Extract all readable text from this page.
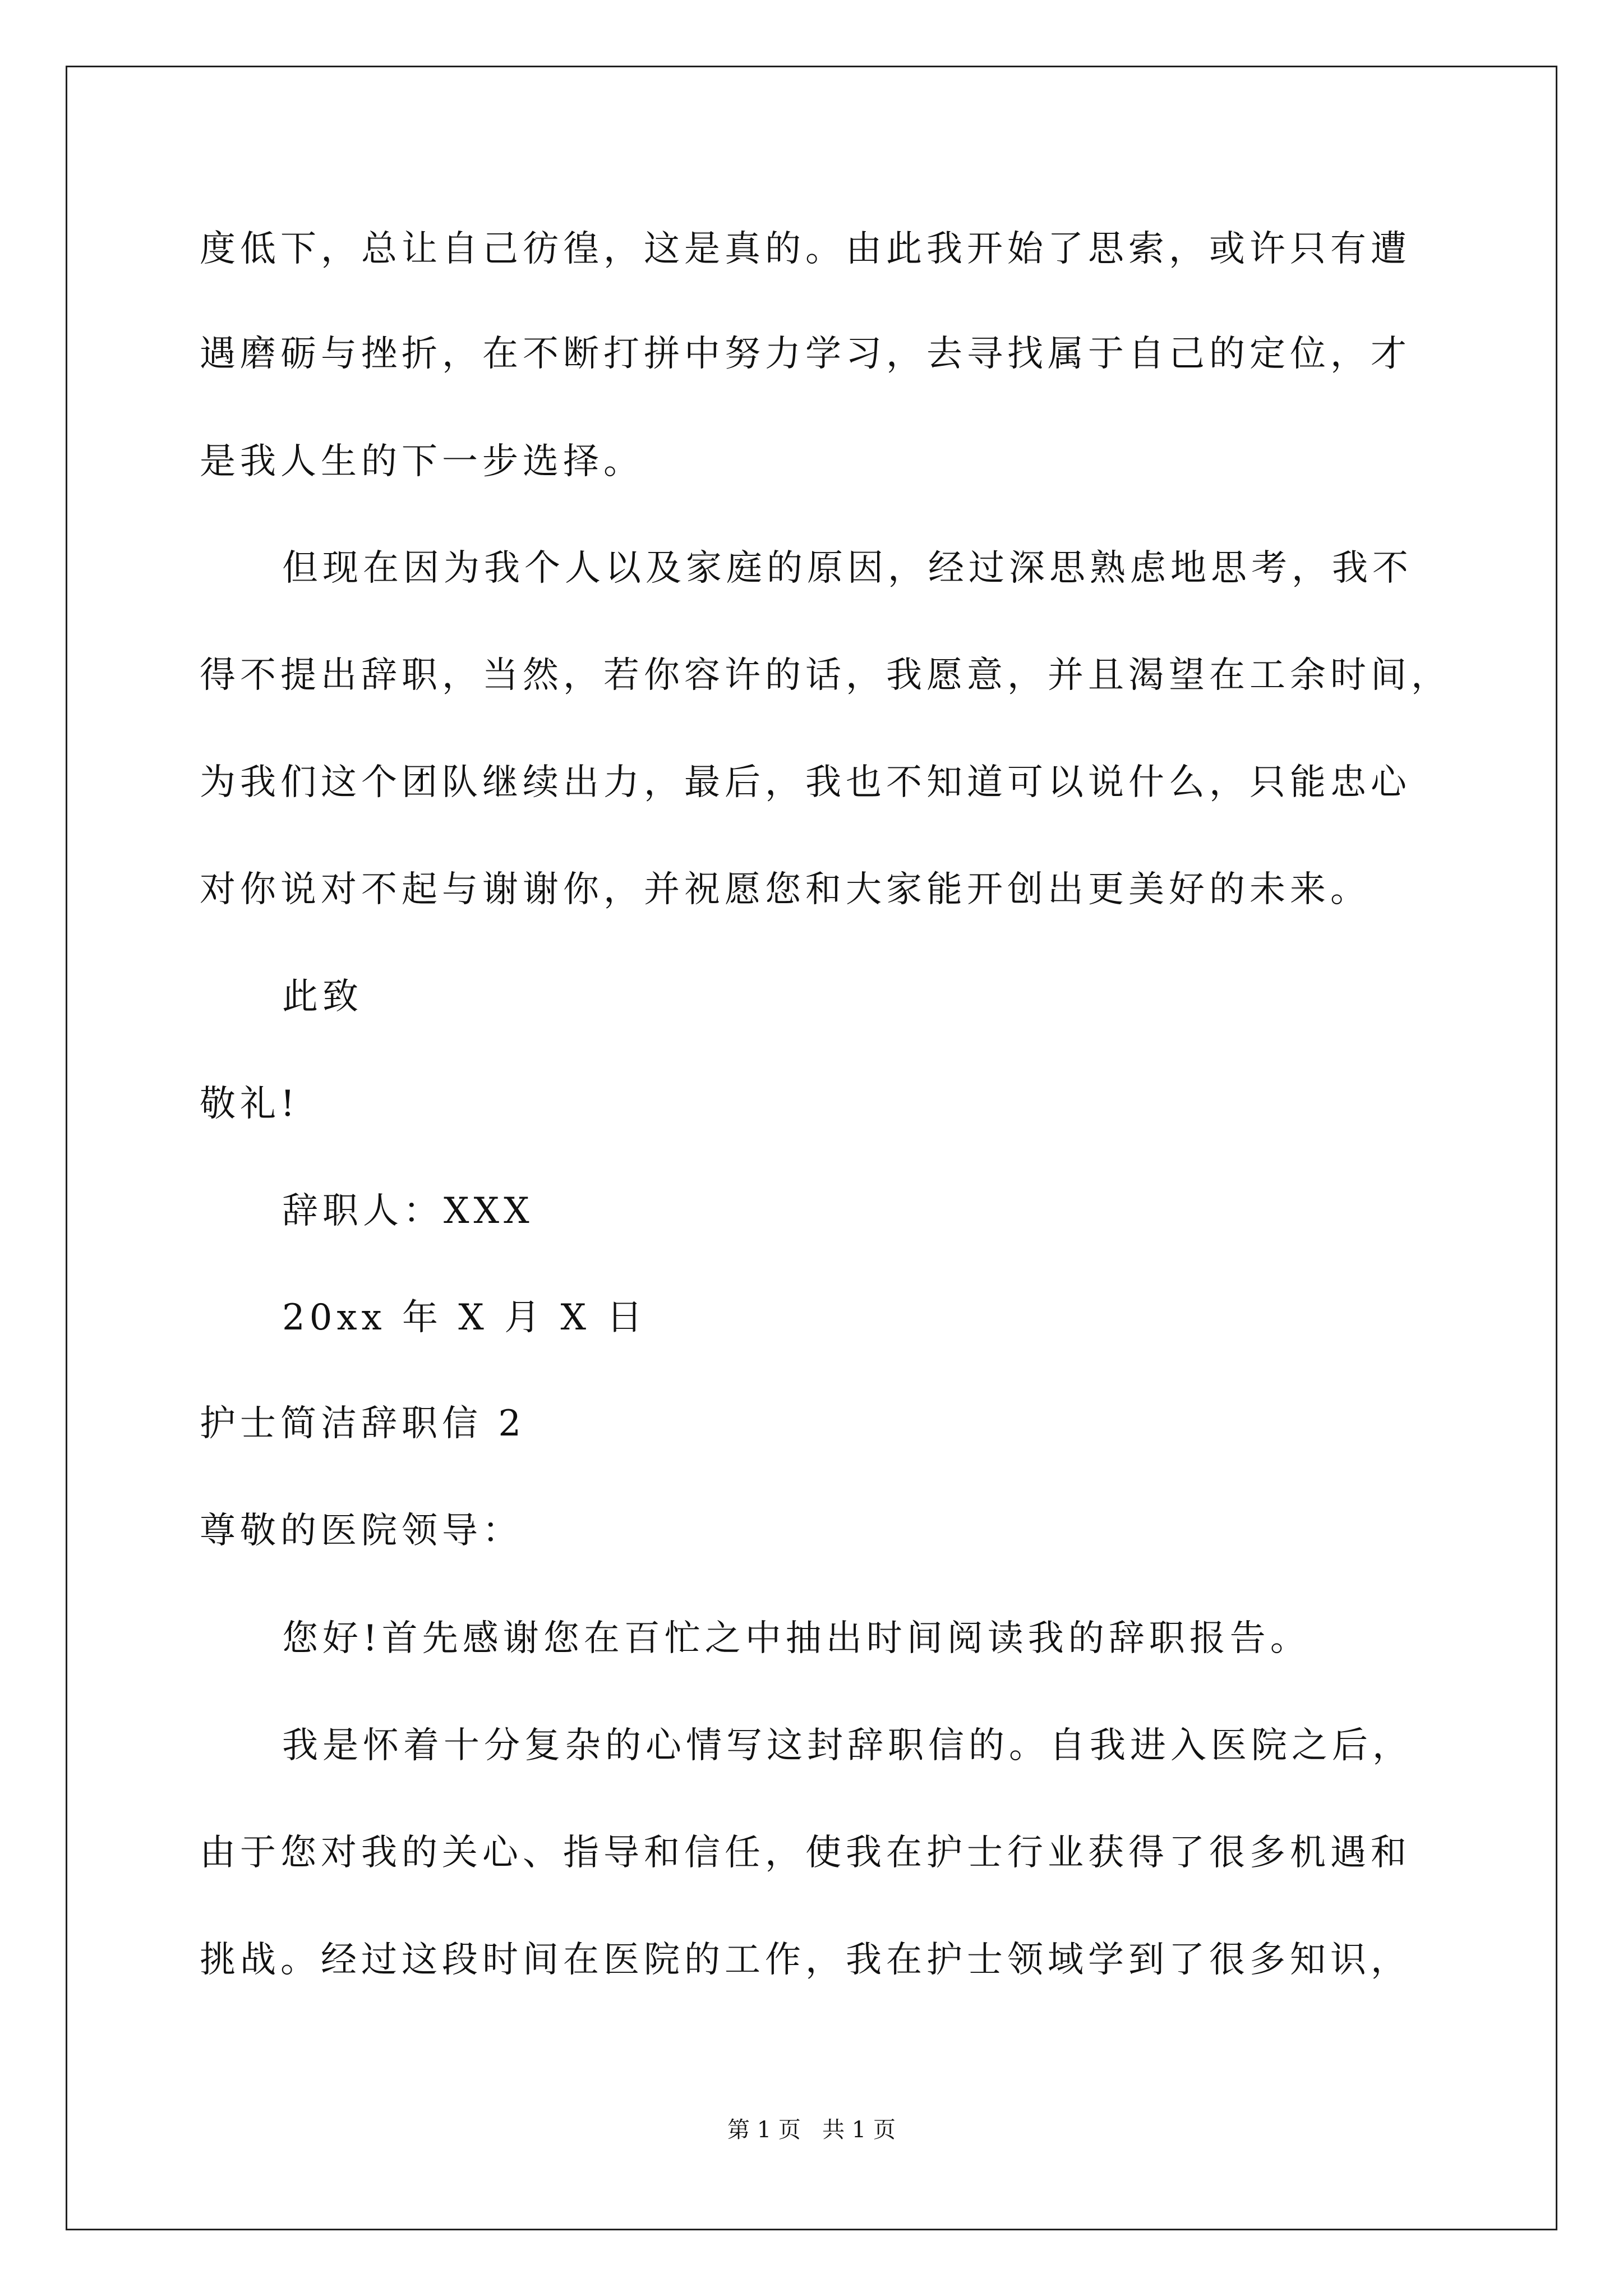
度低下，总让自己彷徨，这是真的。由此我开始了思索，或许只有遭
遇磨砺与挫折，在不断打拼中努力学习，去寻找属于自己的定位，才
是我人生的下一步选择。
但现在因为我个人以及家庭的原因，经过深思熟虑地思考，我不
得不提出辞职，当然，若你容许的话，我愿意，并且渴望在工余时间，
为我们这个团队继续出力，最后，我也不知道可以说什么，只能忠心
对你说对不起与谢谢你，并祝愿您和大家能开创出更美好的未来。
此致
敬礼!
辞职人：XXX
20xx 年 X 月 X 日
护士简洁辞职信 2
尊敬的医院领导：
您好!首先感谢您在百忙之中抽出时间阅读我的辞职报告。
我是怀着十分复杂的心情写这封辞职信的。自我进入医院之后，
由于您对我的关心、指导和信任，使我在护士行业获得了很多机遇和
挑战。经过这段时间在医院的工作，我在护士领域学到了很多知识，
第 1 页   共 1 页
